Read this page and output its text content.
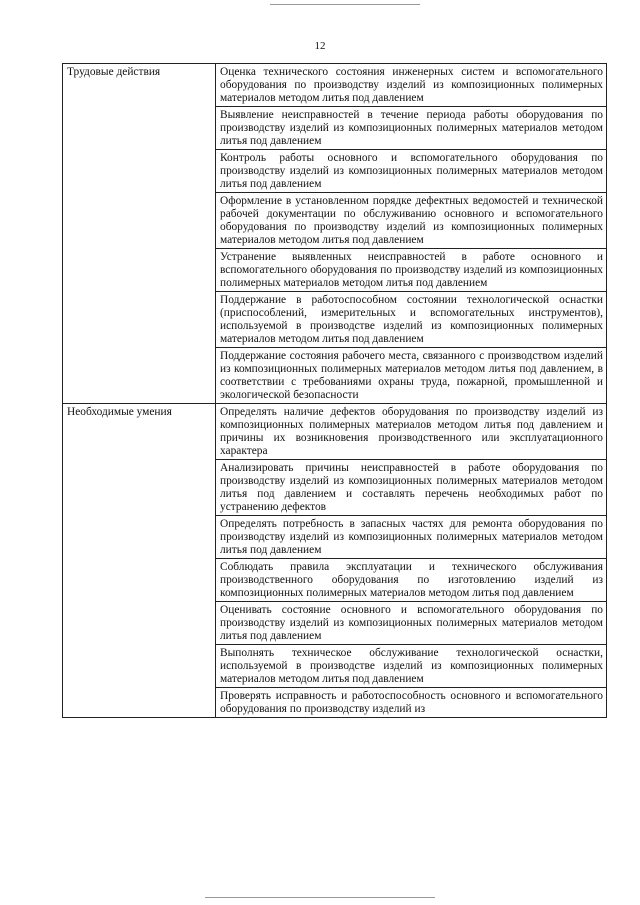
12
Трудовые действия	Оценка технического состояния инженерных систем и вспомогательного оборудования по производству изделий из композиционных полимерных материалов методом литья под давлением
	Выявление неисправностей в течение периода работы оборудования по производству изделий из композиционных полимерных материалов методом литья под давлением
	Контроль работы основного и вспомогательного оборудования по производству изделий из композиционных полимерных материалов методом литья под давлением
	Оформление в установленном порядке дефектных ведомостей и технической рабочей документации по обслуживанию основного и вспомогательного оборудования по производству изделий из композиционных полимерных материалов методом литья под давлением
	Устранение выявленных неисправностей в работе основного и вспомогательного оборудования по производству изделий из композиционных полимерных материалов методом литья под давлением
	Поддержание в работоспособном состоянии технологической оснастки (приспособлений, измерительных и вспомогательных инструментов), используемой в производстве изделий из композиционных полимерных материалов методом литья под давлением
	Поддержание состояния рабочего места, связанного с производством изделий из композиционных полимерных материалов методом литья под давлением, в соответствии с требованиями охраны труда, пожарной, промышленной и экологической безопасности
Необходимые умения	Определять наличие дефектов оборудования по производству изделий из композиционных полимерных материалов методом литья под давлением и причины их возникновения производственного или эксплуатационного характера
	Анализировать причины неисправностей в работе оборудования по производству изделий из композиционных полимерных материалов методом литья под давлением и составлять перечень необходимых работ по устранению дефектов
	Определять потребность в запасных частях для ремонта оборудования по производству изделий из композиционных полимерных материалов методом литья под давлением
	Соблюдать правила эксплуатации и технического обслуживания производственного оборудования по изготовлению изделий из композиционных полимерных материалов методом литья под давлением
	Оценивать состояние основного и вспомогательного оборудования по производству изделий из композиционных полимерных материалов методом литья под давлением
	Выполнять техническое обслуживание технологической оснастки, используемой в производстве изделий из композиционных полимерных материалов методом литья под давлением
	Проверять исправность и работоспособность основного и вспомогательного оборудования по производству изделий из
